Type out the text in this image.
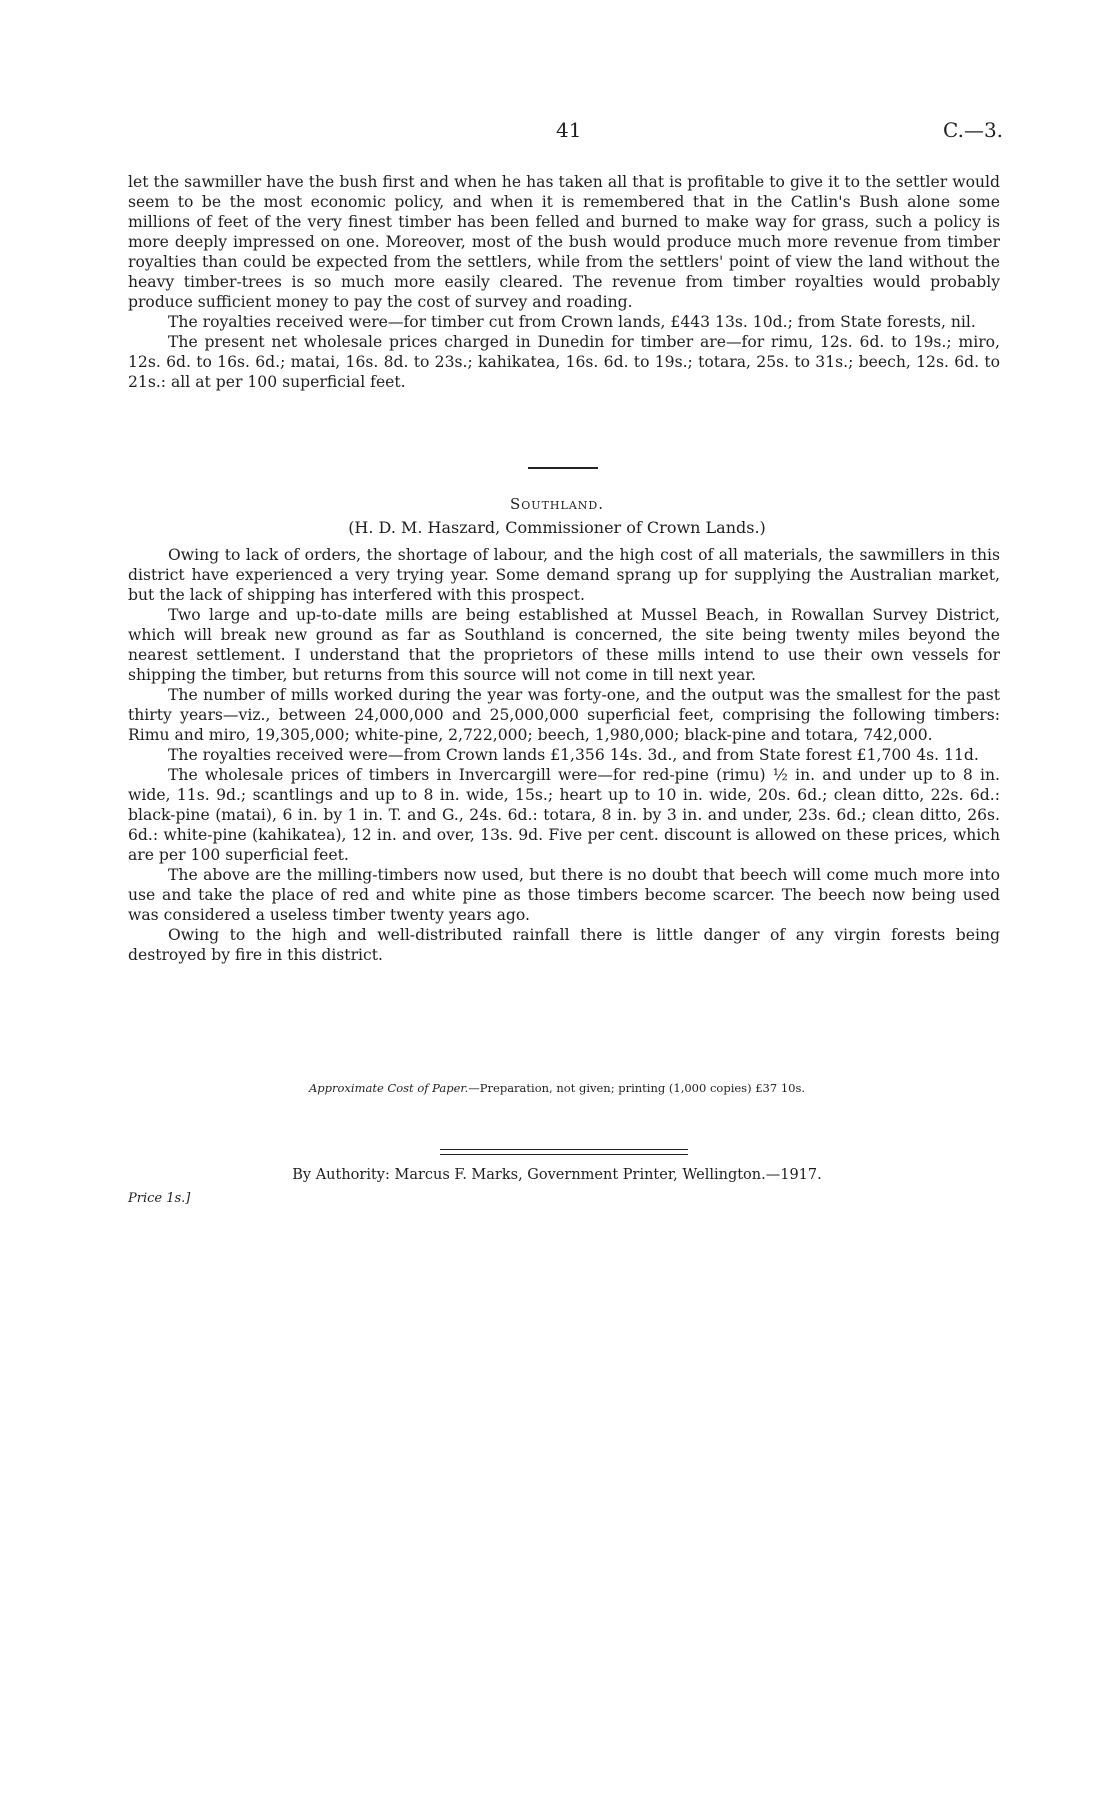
41	C.—3.

let the sawmiller have the bush first and when he has taken all that is profitable to give it to the settler would seem to be the most economic policy, and when it is remembered that in the Catlin's Bush alone some millions of feet of the very finest timber has been felled and burned to make way for grass, such a policy is more deeply impressed on one. Moreover, most of the bush would produce much more revenue from timber royalties than could be expected from the settlers, while from the settlers' point of view the land without the heavy timber-trees is so much more easily cleared. The revenue from timber royalties would probably produce sufficient money to pay the cost of survey and roading.

The royalties received were—for timber cut from Crown lands, £443 13s. 10d.; from State forests, nil.

The present net wholesale prices charged in Dunedin for timber are—for rimu, 12s. 6d. to 19s.; miro, 12s. 6d. to 16s. 6d.; matai, 16s. 8d. to 23s.; kahikatea, 16s. 6d. to 19s.; totara, 25s. to 31s.; beech, 12s. 6d. to 21s.: all at per 100 superficial feet.

Southland.
(H. D. M. Haszard, Commissioner of Crown Lands.)

Owing to lack of orders, the shortage of labour, and the high cost of all materials, the sawmillers in this district have experienced a very trying year. Some demand sprang up for supplying the Australian market, but the lack of shipping has interfered with this prospect.

Two large and up-to-date mills are being established at Mussel Beach, in Rowallan Survey District, which will break new ground as far as Southland is concerned, the site being twenty miles beyond the nearest settlement. I understand that the proprietors of these mills intend to use their own vessels for shipping the timber, but returns from this source will not come in till next year.

The number of mills worked during the year was forty-one, and the output was the smallest for the past thirty years—viz., between 24,000,000 and 25,000,000 superficial feet, comprising the following timbers: Rimu and miro, 19,305,000; white-pine, 2,722,000; beech, 1,980,000; black-pine and totara, 742,000.

The royalties received were—from Crown lands £1,356 14s. 3d., and from State forest £1,700 4s. 11d.

The wholesale prices of timbers in Invercargill were—for red-pine (rimu) ½ in. and under up to 8 in. wide, 11s. 9d.; scantlings and up to 8 in. wide, 15s.; heart up to 10 in. wide, 20s. 6d.; clean ditto, 22s. 6d.: black-pine (matai), 6 in. by 1 in. T. and G., 24s. 6d.: totara, 8 in. by 3 in. and under, 23s. 6d.; clean ditto, 26s. 6d.: white-pine (kahikatea), 12 in. and over, 13s. 9d. Five per cent. discount is allowed on these prices, which are per 100 superficial feet.

The above are the milling-timbers now used, but there is no doubt that beech will come much more into use and take the place of red and white pine as those timbers become scarcer. The beech now being used was considered a useless timber twenty years ago.

Owing to the high and well-distributed rainfall there is little danger of any virgin forests being destroyed by fire in this district.

Approximate Cost of Paper.—Preparation, not given; printing (1,000 copies) £37 10s.
By Authority: Marcus F. Marks, Government Printer, Wellington.—1917.
Price 1s.]
